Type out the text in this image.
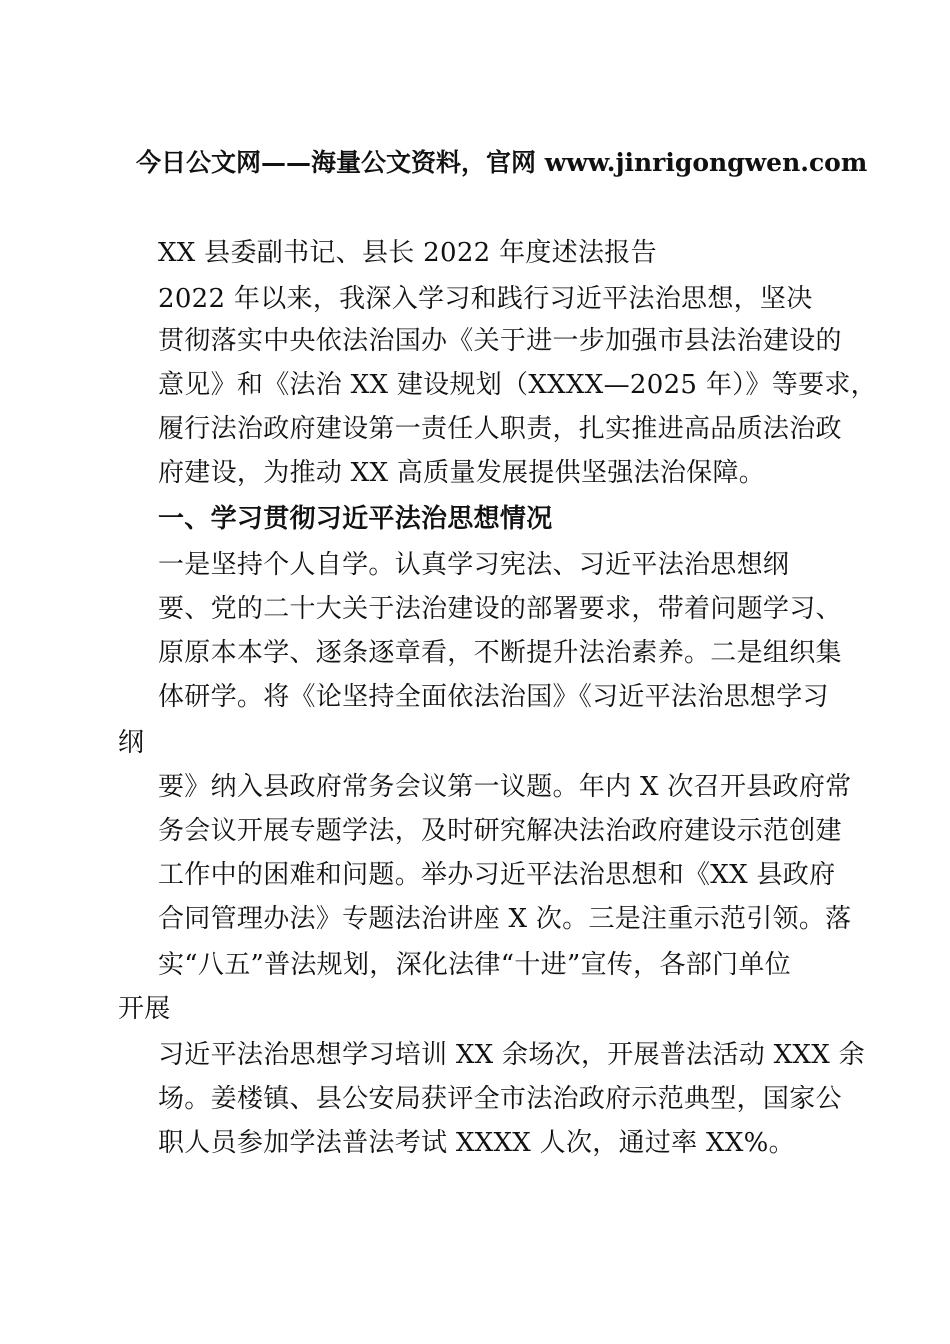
今日公文网——海量公文资料，官网 www.jinrigongwen.com
XX 县委副书记、县长 2022 年度述法报告
2022 年以来，我深入学习和践行习近平法治思想，坚决
贯彻落实中央依法治国办《关于进一步加强市县法治建设的
意见》和《法治 XX 建设规划（XXXX—2025 年）》等要求，
履行法治政府建设第一责任人职责，扎实推进高品质法治政
府建设，为推动 XX 高质量发展提供坚强法治保障。
一、学习贯彻习近平法治思想情况
一是坚持个人自学。认真学习宪法、习近平法治思想纲
要、党的二十大关于法治建设的部署要求，带着问题学习、
原原本本学、逐条逐章看，不断提升法治素养。二是组织集
体研学。将《论坚持全面依法治国》《习近平法治思想学习
纲
要》纳入县政府常务会议第一议题。年内 X 次召开县政府常
务会议开展专题学法，及时研究解决法治政府建设示范创建
工作中的困难和问题。举办习近平法治思想和《XX 县政府
合同管理办法》专题法治讲座 X 次。三是注重示范引领。落
实“八五”普法规划，深化法律“十进”宣传，各部门单位
开展
习近平法治思想学习培训 XX 余场次，开展普法活动 XXX 余
场。姜楼镇、县公安局获评全市法治政府示范典型，国家公
职人员参加学法普法考试 XXXX 人次，通过率 XX%。
